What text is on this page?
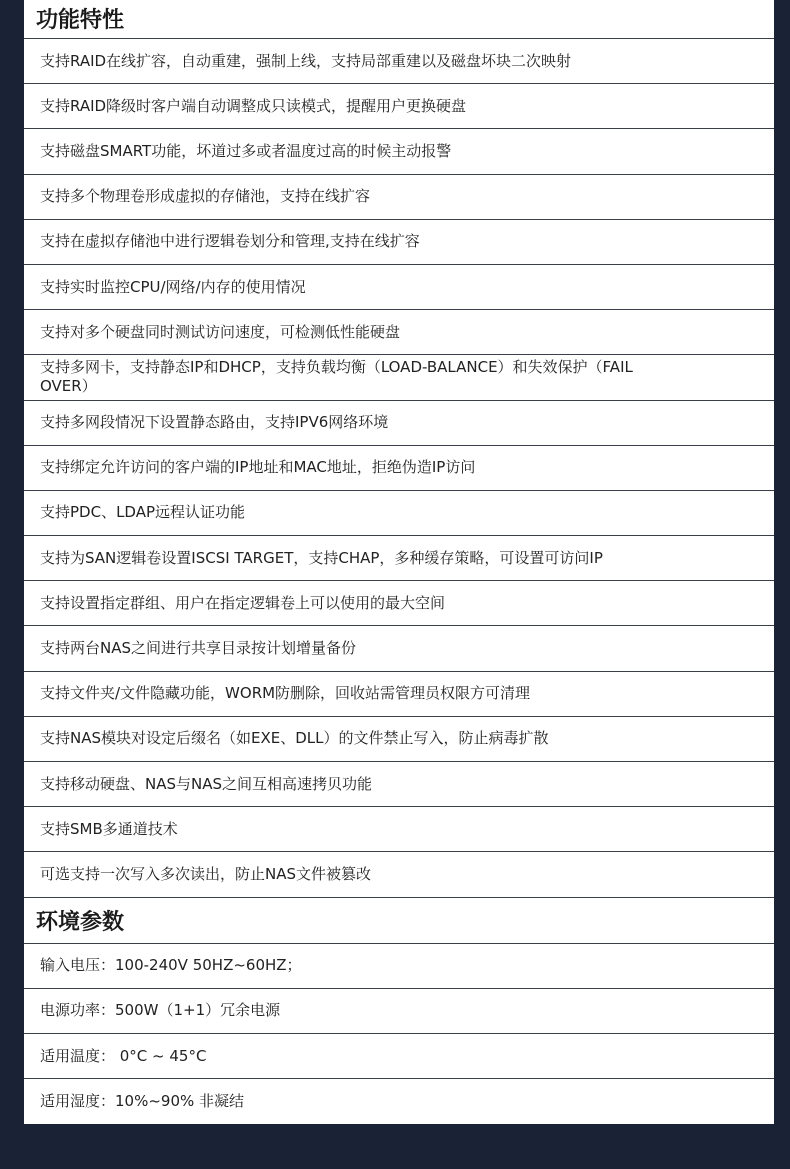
功能特性
支持RAID在线扩容，自动重建，强制上线，支持局部重建以及磁盘坏块二次映射
支持RAID降级时客户端自动调整成只读模式，提醒用户更换硬盘
支持磁盘SMART功能，坏道过多或者温度过高的时候主动报警
支持多个物理卷形成虚拟的存储池，支持在线扩容
支持在虚拟存储池中进行逻辑卷划分和管理,支持在线扩容
支持实时监控CPU/网络/内存的使用情况
支持对多个硬盘同时测试访问速度，可检测低性能硬盘
支持多网卡，支持静态IP和DHCP，支持负载均衡（LOAD-BALANCE）和失效保护（FAIL OVER）
支持多网段情况下设置静态路由，支持IPV6网络环境
支持绑定允许访问的客户端的IP地址和MAC地址，拒绝伪造IP访问
支持PDC、LDAP远程认证功能
支持为SAN逻辑卷设置ISCSI TARGET，支持CHAP，多种缓存策略，可设置可访问IP
支持设置指定群组、用户在指定逻辑卷上可以使用的最大空间
支持两台NAS之间进行共享目录按计划增量备份
支持文件夹/文件隐藏功能，WORM防删除，回收站需管理员权限方可清理
支持NAS模块对设定后缀名（如EXE、DLL）的文件禁止写入，防止病毒扩散
支持移动硬盘、NAS与NAS之间互相高速拷贝功能
支持SMB多通道技术
可选支持一次写入多次读出，防止NAS文件被篡改
环境参数
输入电压：100-240V 50HZ~60HZ；
电源功率：500W（1+1）冗余电源
适用温度： 0°C ~ 45°C
适用湿度：10%~90% 非凝结
